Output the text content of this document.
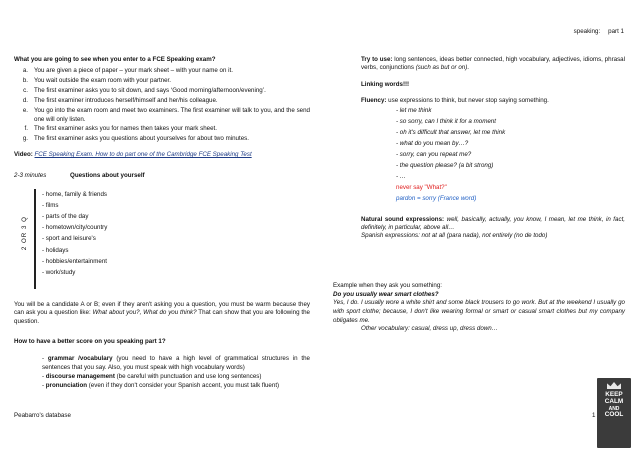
speaking: part 1

What you are going to see when you enter to a FCE Speaking exam?

a. You are given a piece of paper – your mark sheet – with your name on it.
b. You wait outside the exam room with your partner.
c. The first examiner asks you to sit down, and says ‘Good morning/afternoon/evening’.
d. The first examiner introduces herself/himself and her/his colleague.
e. You go into the exam room and meet two examiners. The first examiner will talk to you, and the send one will only listen.
f. The first examiner asks you for names then takes your mark sheet.
g. The first examiner asks you questions about yourselves for about two minutes.

Video: FCE Speaking Exam. How to do part one of the Cambridge FCE Speaking Test

2-3 minutes	Questions about yourself
2 OR 3 Q
- home, family & friends
- films
- parts of the day
- hometown/city/country
- sport and leisure's
- holidays
- hobbies/entertainment
- work/study

You will be a candidate A or B; even if they aren't asking you a question, you must be warm because they can ask you a question like: What about you?, What do you think? That can show that you are following the question.

How to have a better score on you speaking part 1?

- grammar /vocabulary (you need to have a high level of grammatical structures in the sentences that you say. Also, you must speak with high vocabulary words)

- discourse management (be careful with punctuation and use long sentences)

- pronunciation (even if they don't consider your Spanish accent, you must talk fluent)

Try to use: long sentences, ideas better connected, high vocabulary, adjectives, idioms, phrasal verbs, conjunctions (such as but or on).

Linking words!!!

Fluency: use expressions to think, but never stop saying something.

- let me think

- so sorry, can I think it for a moment

- oh it's difficult that answer, let me think

- what do you mean by…?

- sorry, can you repeat me?

- the question please? (a bit strong)

- …

never say "What?"

pardon = sorry (France word)

Natural sound expressions: well, basically, actually, you know, I mean, let me think, in fact, definitely, in particular, above all…
Spanish expressions: not at all (para nada), not entirely (no de todo)

Example when they ask you something:

Do you usually wear smart clothes?

Yes, I do. I usually wore a white shirt and some black trousers to go work. But at the weekend I usually go with sport clothe; because, I don't like wearing formal or smart or casual smart clothes but my company obligates me.

Other vocabulary: casual, dress up, dress down…

Peabarro's database	1
KEEP
CALM
AND
COOL
